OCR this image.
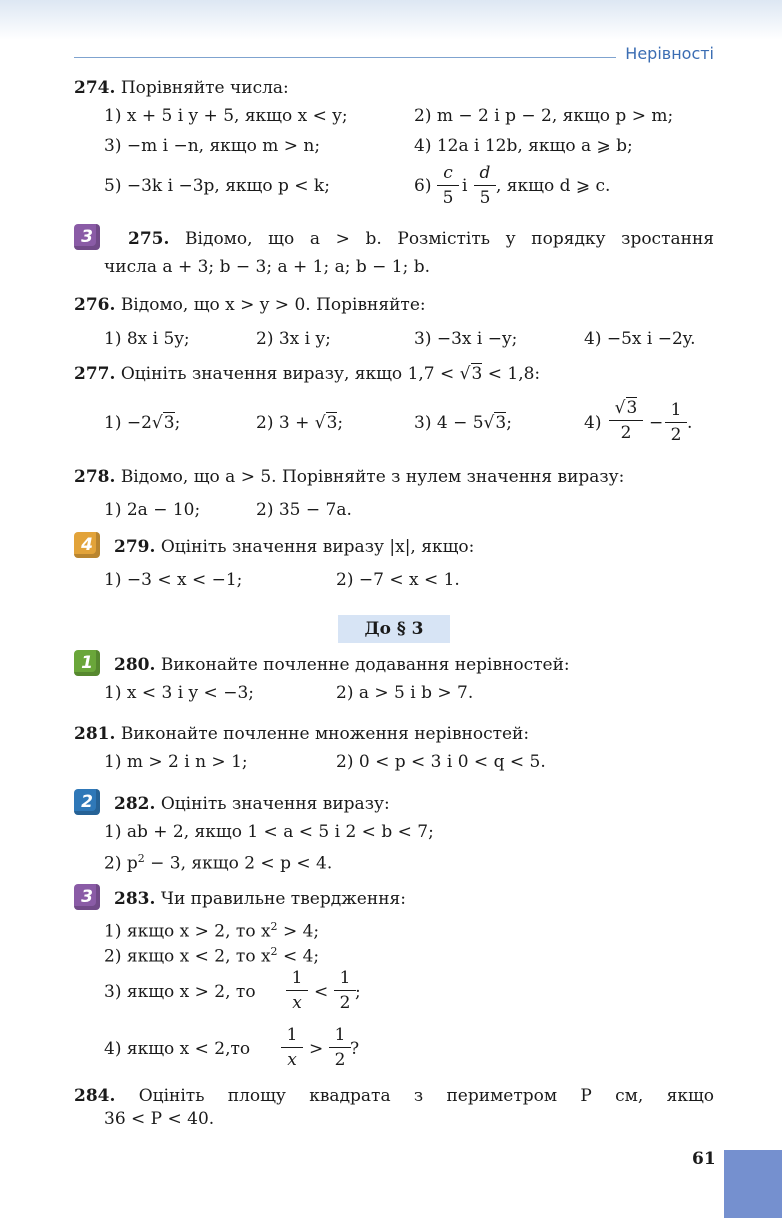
Нерівності
274. Порівняйте числа:
1) x + 5 і y + 5, якщо x < y;	2) m − 2 і p − 2, якщо p > m;
3) −m і −n, якщо m > n;	4) 12a і 12b, якщо a ⩾ b;
5) −3k і −3p, якщо p < k;	6)
c
5
і
d
5
, якщо d ⩾ c.
3	275. Відомо, що a > b. Розмістіть у порядку зростання
числа a + 3; b − 3; a + 1; a; b − 1; b.
276. Відомо, що x > y > 0. Порівняйте:
1) 8x і 5y;	2) 3x і y;	3) −3x і −y;	4) −5x і −2y.
277. Оцініть значення виразу, якщо 1,7 < √3 < 1,8:
1) −2√3;	2) 3 + √3;	3) 4 − 5√3;	4)
√3
2	−
1
2
.
278. Відомо, що a > 5. Порівняйте з нулем значення виразу:
1) 2a − 10;	2) 35 − 7a.
4	279. Оцініть значення виразу |x|, якщо:
1) −3 < x < −1;	2) −7 < x < 1.
До § 3
1	280. Виконайте почленне додавання нерівностей:
1) x < 3 і y < −3;	2) a > 5 і b > 7.
281. Виконайте почленне множення нерівностей:
1) m > 2 і n > 1;	2) 0 < p < 3 і 0 < q < 5.
2	282. Оцініть значення виразу:
1) ab + 2, якщо 1 < a < 5 і 2 < b < 7;
2) $p^2 - 3$, якщо 2 < p < 4.
3	283. Чи правильне твердження:
1) якщо x > 2, то $x^2 > 4$;
2) якщо x < 2, то $x^2 < 4$;
3) якщо x > 2, то
1
x
<
1
2
;
4) якщо x < 2,то
1
x
>
1
2
?
284. Оцініть площу квадрата з периметром P см, якщо
36 < P < 40.
61
